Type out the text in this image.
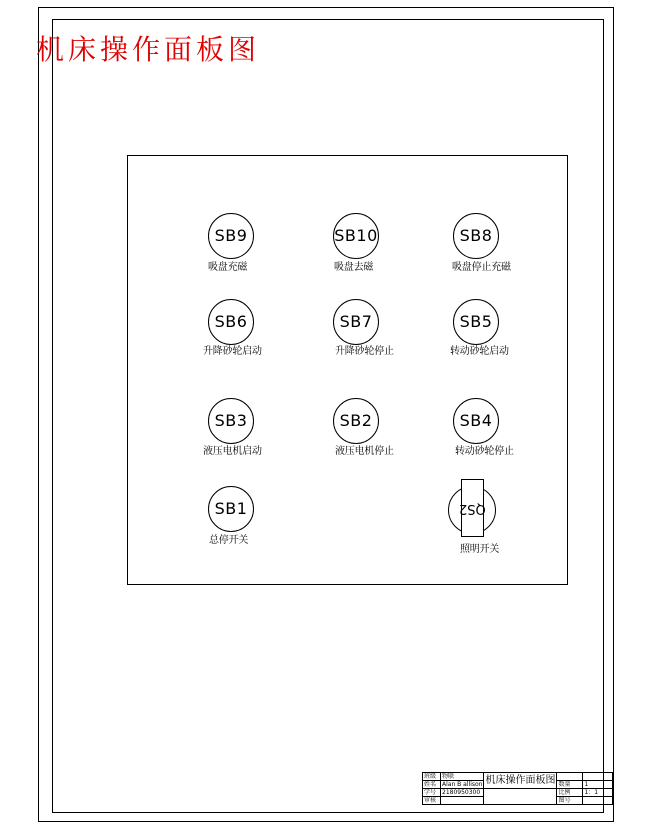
机床操作面板图
SB9
吸盘充磁
SB10
吸盘去磁
SB8
吸盘停止充磁
SB6
升降砂轮启动
SB7
升降砂轮停止
SB5
转动砂轮启动
SB3
液压电机启动
SB2
液压电机停止
SB4
转动砂轮停止
SB1
总停开关
QS2
照明开关
班级	物联	机床操作面板图		
姓名	Alan B allison		数量	1
学号	2180950300		比例	1：1
审核			图号	
